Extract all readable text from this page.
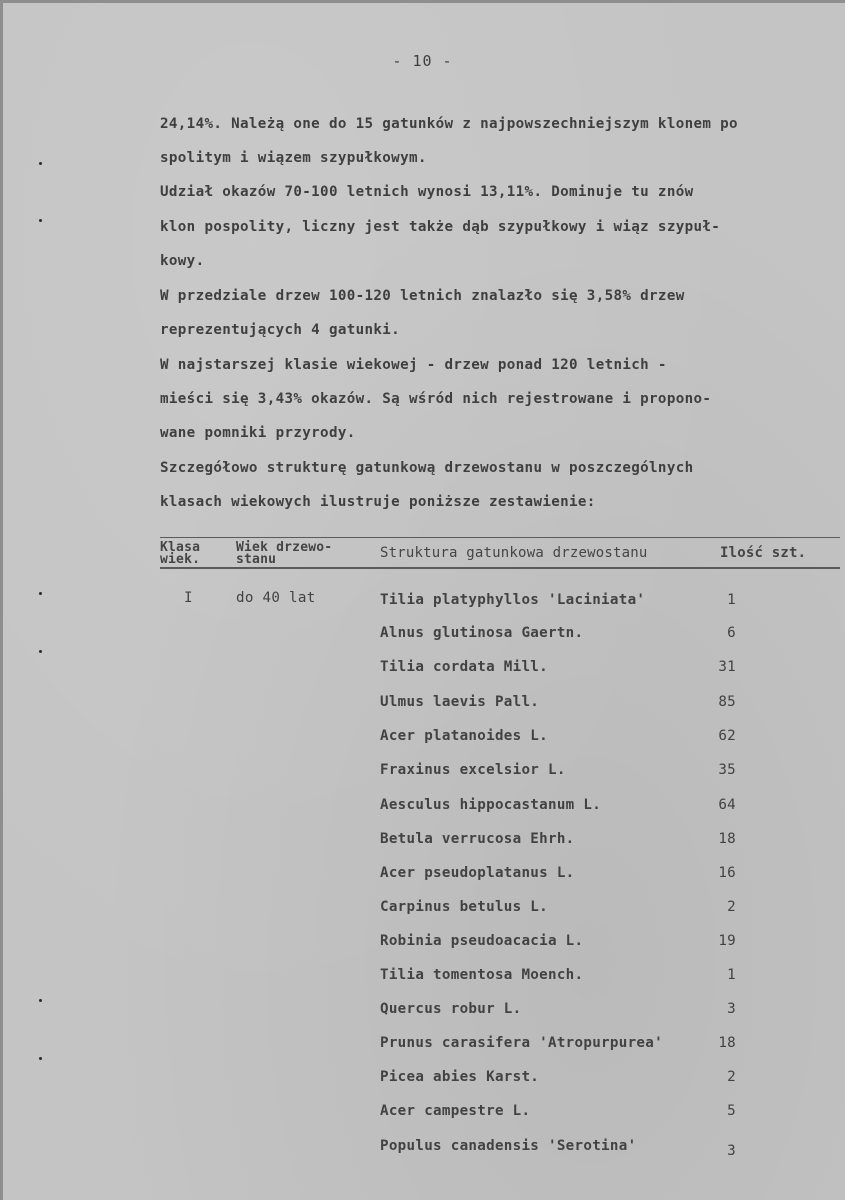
- 10 -
24,14%. Należą one do 15 gatunków z najpowszechniejszym klonem po
spolitym i wiązem szypułkowym.
Udział okazów 70-100 letnich wynosi 13,11%. Dominuje tu znów
klon pospolity, liczny jest także dąb szypułkowy i wiąz szypuł-
kowy.
W przedziale drzew 100-120 letnich znalazło się 3,58% drzew
reprezentujących 4 gatunki.
W najstarszej klasie wiekowej - drzew ponad 120 letnich -
mieści się 3,43% okazów. Są wśród nich rejestrowane i propono-
wane pomniki przyrody.
Szczegółowo strukturę gatunkową drzewostanu w poszczególnych
klasach wiekowych ilustruje poniższe zestawienie:
Klasa
wiek.
Wiek drzewo-
stanu	Struktura gatunkowa drzewostanu	Ilość szt.
I	do 40 lat	Tilia platyphyllos 'Laciniata'	1
Alnus glutinosa Gaertn.	6
Tilia cordata Mill.	31
Ulmus laevis Pall.	85
Acer platanoides L.	62
Fraxinus excelsior L.	35
Aesculus hippocastanum L.	64
Betula verrucosa Ehrh.	18
Acer pseudoplatanus L.	16
Carpinus betulus L.	2
Robinia pseudoacacia L.	19
Tilia tomentosa Moench.	1
Quercus robur L.	3
Prunus carasifera 'Atropurpurea'	18
Picea abies Karst.	2
Acer campestre L.	5
Populus canadensis 'Serotina'	3
